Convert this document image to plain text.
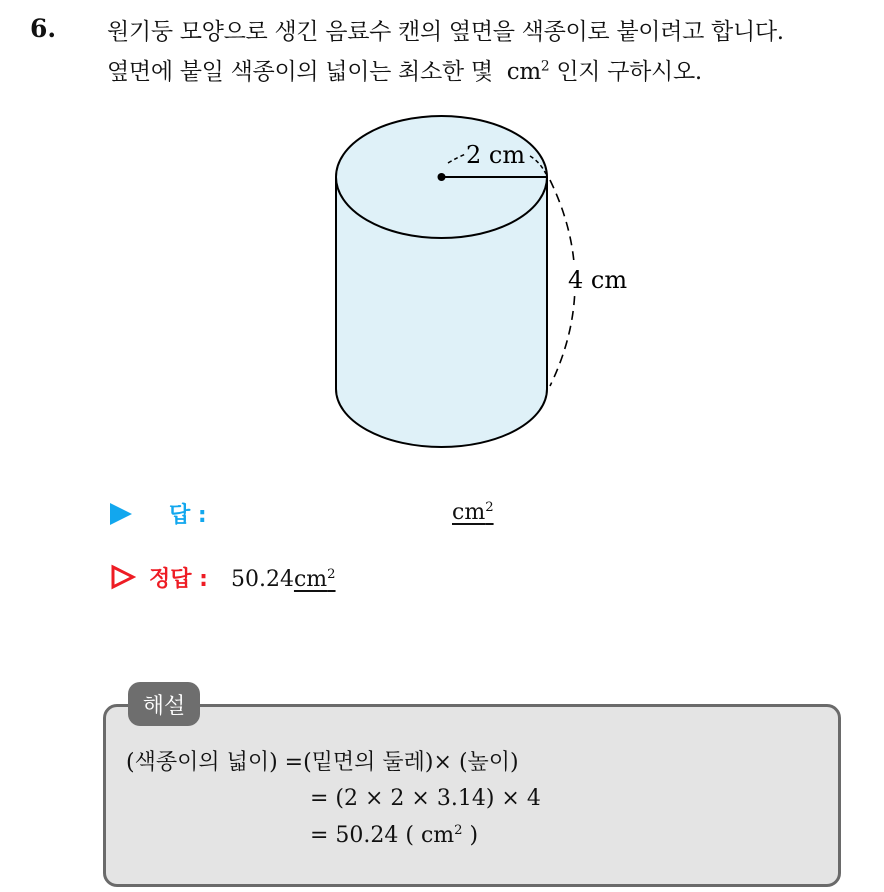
6. 원기둥 모양으로 생긴 음료수 캔의 옆면을 색종이로 붙이려고 합니다.
옆면에 붙일 색종이의 넓이는 최소한 몇 $cm^2$ 인지 구하시오.
2 cm
4 cm
답 :	$cm^2$
정답 : $50.24cm^2$
해설
(색종이의 넓이) =(밑면의 둘레)× (높이)
= (2 × 2 × 3.14) × 4
= 50.24 ( $cm^2$ )
